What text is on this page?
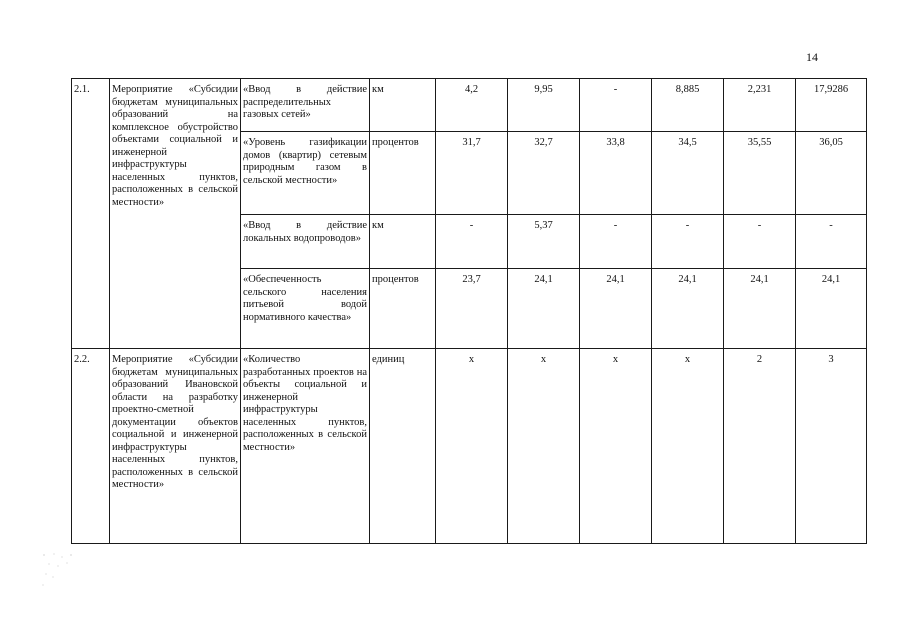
14
2.1.	Мероприятие «Субсидии бюджетам муниципальных образований на комплексное обустройство объектами социальной и инженерной инфраструктуры населенных пунктов, расположенных в сельской местности»	«Ввод в действие распределительных газовых сетей»	км	4,2	9,95	-	8,885	2,231	17,9286
		«Уровень газификации домов (квартир) сетевым природным газом в сельской местности»	процентов	31,7	32,7	33,8	34,5	35,55	36,05
		«Ввод в действие локальных водопроводов»	км	-	5,37	-	-	-	-
		«Обеспеченность сельского населения питьевой водой нормативного качества»	процентов	23,7	24,1	24,1	24,1	24,1	24,1
2.2.	Мероприятие «Субсидии бюджетам муниципальных образований Ивановской области на разработку проектно-сметной документации объектов социальной и инженерной инфраструктуры населенных пунктов, расположенных в сельской местности»	«Количество разработанных проектов на объекты социальной и инженерной инфраструктуры населенных пунктов, расположенных в сельской местности»	единиц	х	х	х	х	2	3
